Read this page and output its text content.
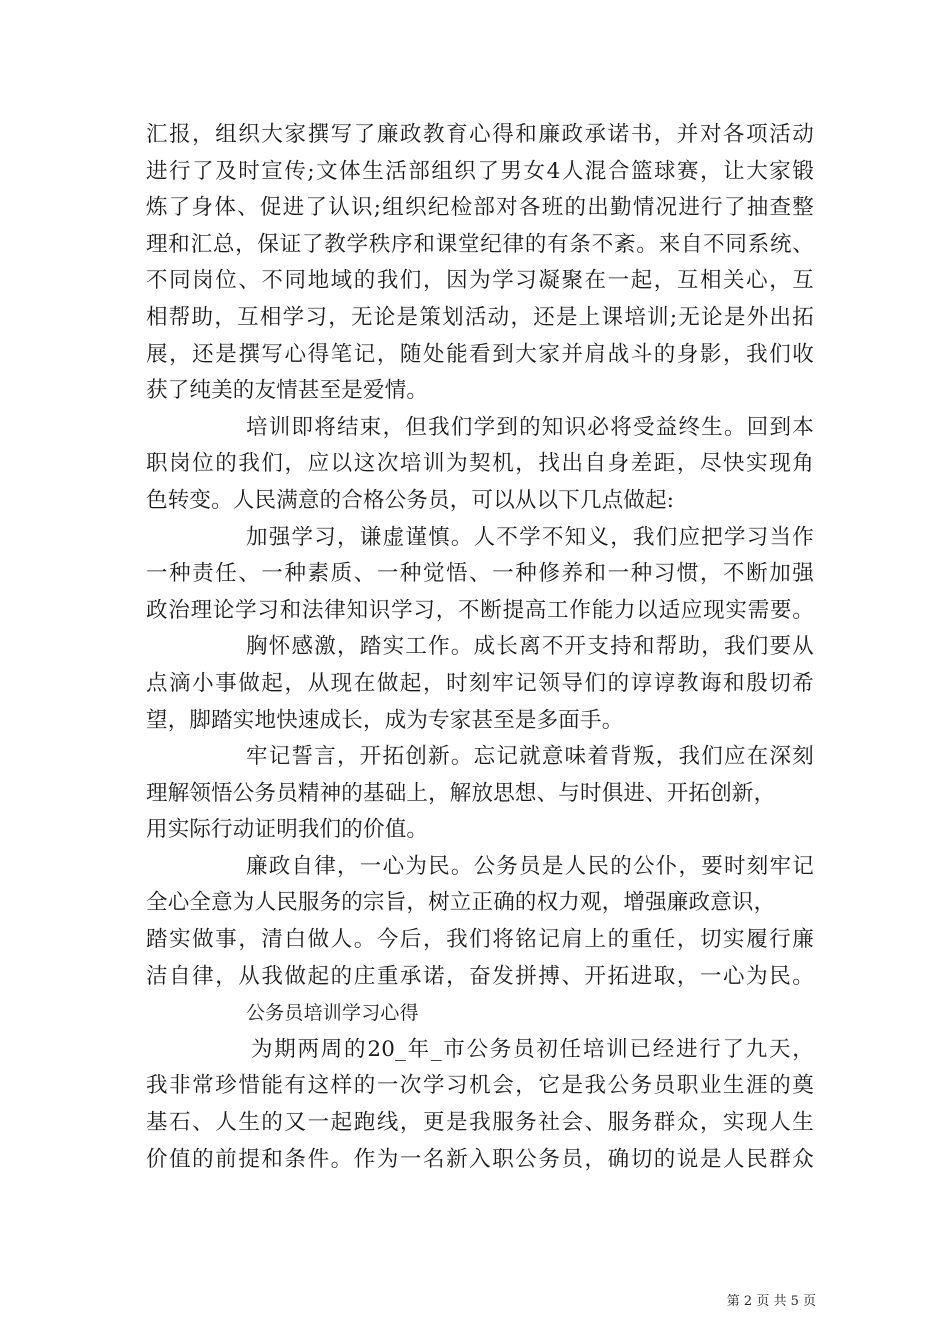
汇报，组织大家撰写了廉政教育心得和廉政承诺书，并对各项活动
进行了及时宣传;文体生活部组织了男女4人混合篮球赛，让大家锻
炼了身体、促进了认识;组织纪检部对各班的出勤情况进行了抽查整
理和汇总，保证了教学秩序和课堂纪律的有条不紊。来自不同系统、
不同岗位、不同地域的我们，因为学习凝聚在一起，互相关心，互
相帮助，互相学习，无论是策划活动，还是上课培训;无论是外出拓
展，还是撰写心得笔记，随处能看到大家并肩战斗的身影，我们收
获了纯美的友情甚至是爱情。
培训即将结束，但我们学到的知识必将受益终生。回到本
职岗位的我们，应以这次培训为契机，找出自身差距，尽快实现角
色转变。人民满意的合格公务员，可以从以下几点做起:
加强学习，谦虚谨慎。人不学不知义，我们应把学习当作
一种责任、一种素质、一种觉悟、一种修养和一种习惯，不断加强
政治理论学习和法律知识学习，不断提高工作能力以适应现实需要。
胸怀感激，踏实工作。成长离不开支持和帮助，我们要从
点滴小事做起，从现在做起，时刻牢记领导们的谆谆教诲和殷切希
望，脚踏实地快速成长，成为专家甚至是多面手。
牢记誓言，开拓创新。忘记就意味着背叛，我们应在深刻
理解领悟公务员精神的基础上，解放思想、与时俱进、开拓创新，
用实际行动证明我们的价值。
廉政自律，一心为民。公务员是人民的公仆，要时刻牢记
全心全意为人民服务的宗旨，树立正确的权力观，增强廉政意识，
踏实做事，清白做人。今后，我们将铭记肩上的重任，切实履行廉
洁自律，从我做起的庄重承诺，奋发拼搏、开拓进取，一心为民。
公务员培训学习心得
为期两周的20_年_市公务员初任培训已经进行了九天，
我非常珍惜能有这样的一次学习机会，它是我公务员职业生涯的奠
基石、人生的又一起跑线，更是我服务社会、服务群众，实现人生
价值的前提和条件。作为一名新入职公务员，确切的说是人民群众
第 2 页 共 5 页
